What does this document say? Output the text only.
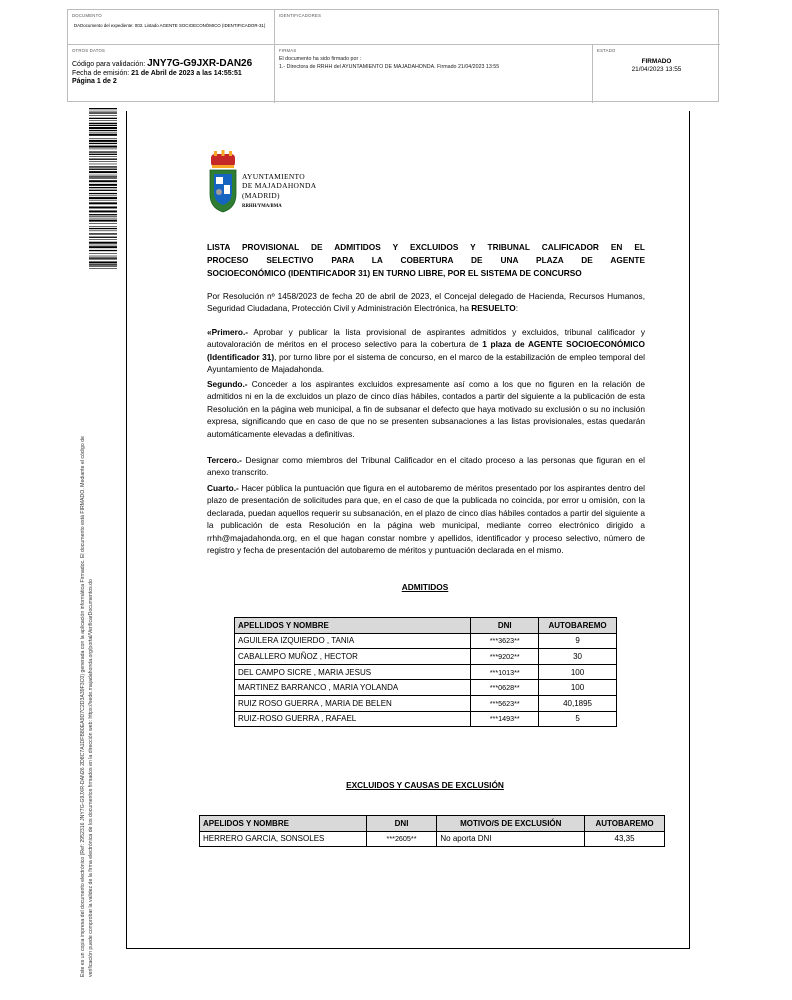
DOCUMENTO
DADocumento del expediente: 003. Listado AGENTE SOCIOECONÓMICO (IDENTIFICADOR-31)
IDENTIFICADORES
OTROS DATOS
Código para validación: JNY7G-G9JXR-DAN26
Fecha de emisión: 21 de Abril de 2023 a las 14:55:51
Página 1 de 2
FIRMAS
El documento ha sido firmado por :
1.- Directora de RRHH del AYUNTAMIENTO DE MAJADAHONDA. Firmado 21/04/2023 13:55
ESTADO
FIRMADO
21/04/2023 13:55
Este es un copia impresa del documento electrónico (Ref: 2952316 JNY7G-G9JXR-DAN26 2D8C7A1DFB80EA9D7C2D3A39F3C0) generada con la aplicación informática Firmadoc. El documento está FIRMADO. Mediante el código de verificación puede comprobar la validez de la firma electrónica de los documentos firmados en la dirección web: https://sede.majadahonda.org/portal/VerificarDocumentos.do
AYUNTAMIENTO
DE MAJADAHONDA
(MADRID)
RRHH/YMA/BMA
LISTA PROVISIONAL DE ADMITIDOS Y EXCLUIDOS Y TRIBUNAL CALIFICADOR EN EL
PROCESO SELECTIVO PARA LA COBERTURA DE UNA PLAZA DE AGENTE
SOCIOECONÓMICO (IDENTIFICADOR 31) EN TURNO LIBRE, POR EL SISTEMA DE CONCURSO
Por Resolución nº 1458/2023 de fecha 20 de abril de 2023, el Concejal delegado de Hacienda, Recursos Humanos, Seguridad Ciudadana, Protección Civil y Administración Electrónica, ha RESUELTO:
«Primero.- Aprobar y publicar la lista provisional de aspirantes admitidos y excluidos, tribunal calificador y autovaloración de méritos en el proceso selectivo para la cobertura de 1 plaza de AGENTE SOCIOECONÓMICO (Identificador 31), por turno libre por el sistema de concurso, en el marco de la estabilización de empleo temporal del Ayuntamiento de Majadahonda.
Segundo.- Conceder a los aspirantes excluidos expresamente así como a los que no figuren en la relación de admitidos ni en la de excluidos un plazo de cinco días hábiles, contados a partir del siguiente a la publicación de esta Resolución en la página web municipal, a fin de subsanar el defecto que haya motivado su exclusión o su no inclusión expresa, significando que en caso de que no se presenten subsanaciones a las listas provisionales, estas quedarán automáticamente elevadas a definitivas.
Tercero.- Designar como miembros del Tribunal Calificador en el citado proceso a las personas que figuran en el anexo transcrito.
Cuarto.- Hacer pública la puntuación que figura en el autobaremo de méritos presentado por los aspirantes dentro del plazo de presentación de solicitudes para que, en el caso de que la publicada no coincida, por error u omisión, con la declarada, puedan aquellos requerir su subsanación, en el plazo de cinco días hábiles contados a partir del siguiente a la publicación de esta Resolución en la página web municipal, mediante correo electrónico dirigido a rrhh@majadahonda.org, en el que hagan constar nombre y apellidos, identificador y proceso selectivo, número de registro y fecha de presentación del autobaremo de méritos y puntuación declarada en el mismo.
ADMITIDOS
APELLIDOS Y NOMBRE	DNI	AUTOBAREMO
AGUILERA IZQUIERDO , TANIA	***3623**	9
CABALLERO MUÑOZ , HECTOR	***9202**	30
DEL CAMPO SICRE , MARIA JESUS	***1013**	100
MARTINEZ BARRANCO , MARIA YOLANDA	***0628**	100
RUIZ ROSO GUERRA , MARIA DE BELEN	***5623**	40,1895
RUIZ-ROSO GUERRA , RAFAEL	***1493**	5
EXCLUIDOS Y CAUSAS DE EXCLUSIÓN
APELIDOS Y NOMBRE	DNI	MOTIVO/S DE EXCLUSIÓN	AUTOBAREMO
HERRERO GARCIA, SONSOLES	***2605**	No aporta DNI	43,35
